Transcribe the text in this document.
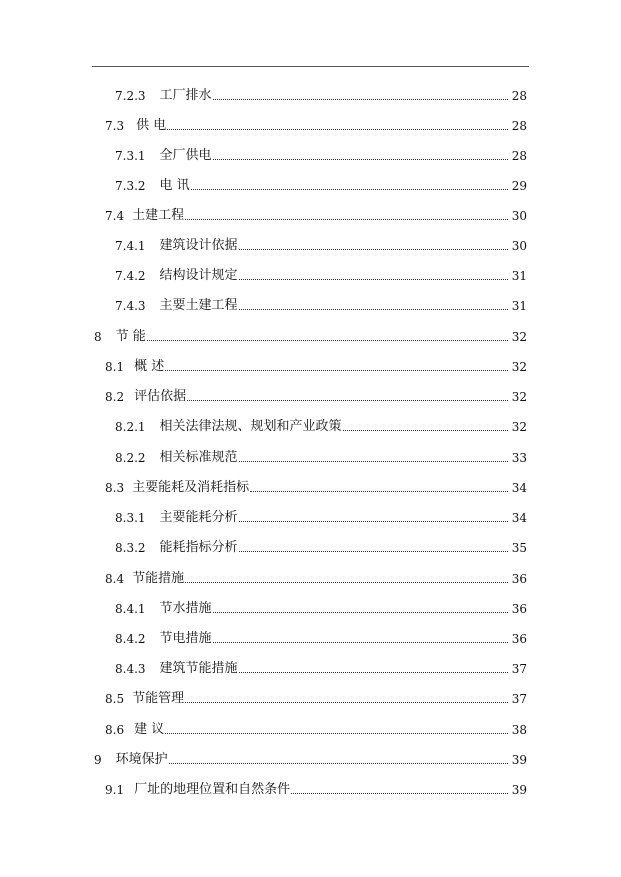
7.2.3	工厂排水	28
7.3 供 电	28
7.3.1	全厂供电	28
7.3.2	电 讯	29
7.4 土建工程	30
7.4.1	建筑设计依据	30
7.4.2	结构设计规定	31
7.4.3	主要土建工程	31
8	节 能	32
8.1 概 述	32
8.2 评估依据	32
8.2.1	相关法律法规、规划和产业政策	32
8.2.2	相关标准规范	33
8.3 主要能耗及消耗指标	34
8.3.1	主要能耗分析	34
8.3.2	能耗指标分析	35
8.4 节能措施	36
8.4.1	节水措施	36
8.4.2	节电措施	36
8.4.3	建筑节能措施	37
8.5 节能管理	37
8.6 建 议	38
9	环境保护	39
9.1 厂址的地理位置和自然条件	39
